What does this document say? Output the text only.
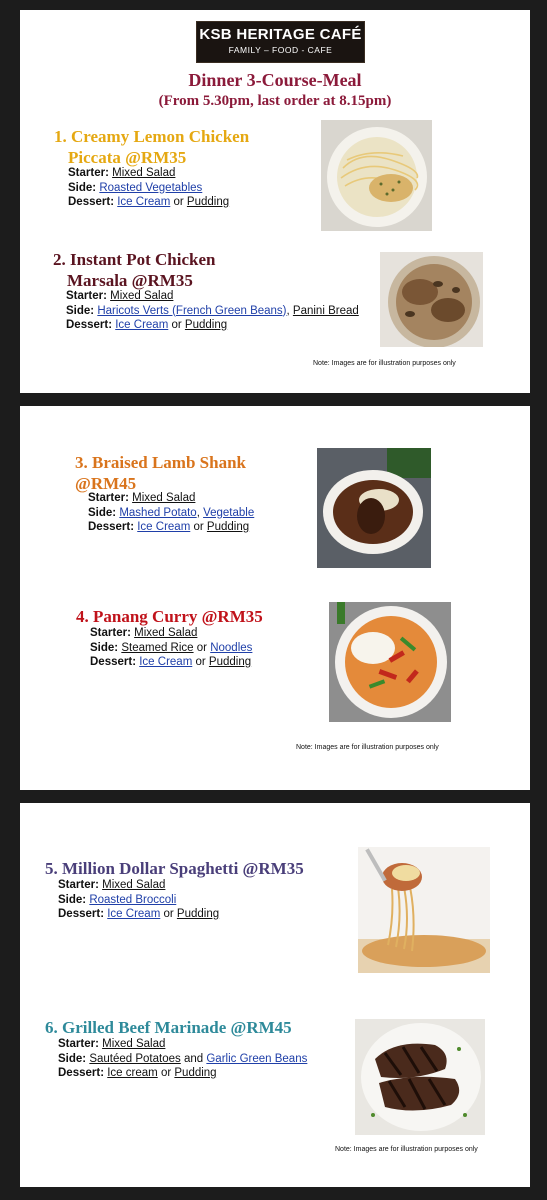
KSB HERITAGE CAFÉ
FAMILY – FOOD - CAFE
Dinner 3-Course-Meal
(From 5.30pm, last order at 8.15pm)
1. Creamy Lemon Chicken
Piccata @RM35
Starter: Mixed Salad
Side: Roasted Vegetables
Dessert: Ice Cream or Pudding
2. Instant Pot Chicken
Marsala @RM35
Starter: Mixed Salad
Side: Haricots Verts (French Green Beans), Panini Bread
Dessert: Ice Cream or Pudding
Note: Images are for illustration purposes only
3. Braised Lamb Shank
@RM45
Starter: Mixed Salad
Side: Mashed Potato, Vegetable
Dessert: Ice Cream or Pudding
4. Panang Curry @RM35
Starter: Mixed Salad
Side: Steamed Rice or Noodles
Dessert: Ice Cream or Pudding
Note: Images are for illustration purposes only
5. Million Dollar Spaghetti @RM35
Starter: Mixed Salad
Side: Roasted Broccoli
Dessert: Ice Cream or Pudding
6. Grilled Beef Marinade @RM45
Starter: Mixed Salad
Side: Sautéed Potatoes and Garlic Green Beans
Dessert: Ice cream or Pudding
Note: Images are for illustration purposes only
